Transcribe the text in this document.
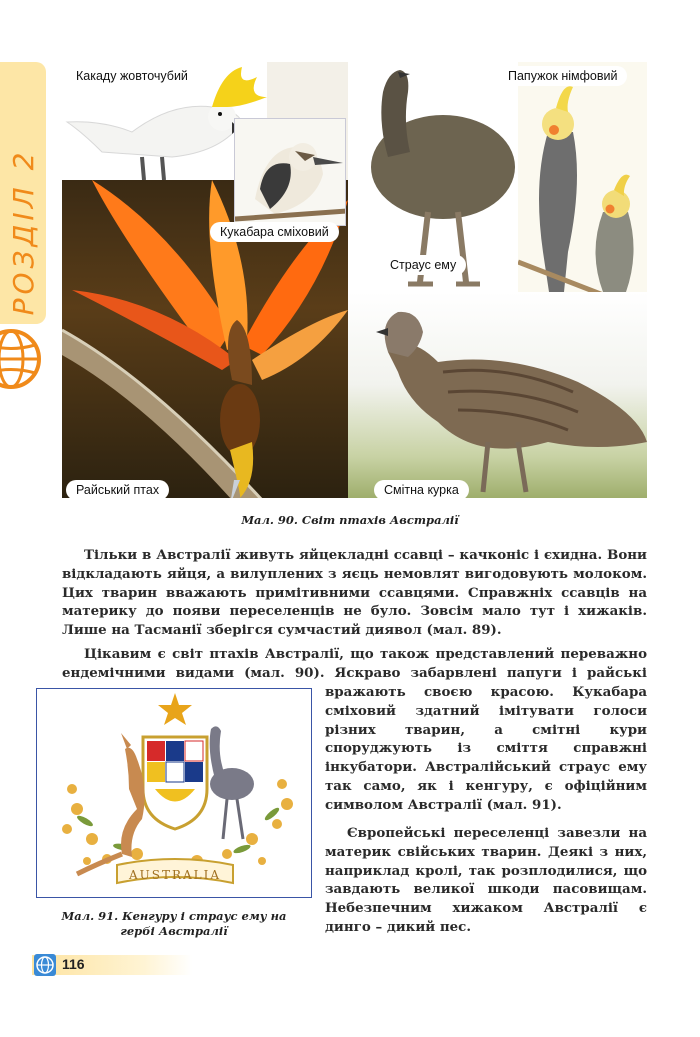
РОЗДІЛ 2
Какаду жовточубий
Кукабара сміховий
Страус ему
Папужок німфовий
Райський птах	Смітна курка
Мал. 90. Світ птахів Австралії

Тільки в Австралії живуть яйцекладні ссавці – качконіс і єхидна. Вони відкладають яйця, а вилуплених з яєць немовлят вигодовують молоком. Цих тварин вважають примітивними ссавцями. Справжніх ссавців на материку до появи переселенців не було. Зовсім мало тут і хижаків. Лише на Тасманії зберігся сумчастий диявол (мал. 89).

Цікавим є світ птахів Австралії, що також представлений переважно ендемічними видами (мал. 90). Яскраво забарвлені папуги і райські

вражають своєю красою. Кукабара сміховий здатний імітувати голоси різних тварин, а смітні кури споруджують із сміття справжні інкубатори. Австралійський страус ему так само, як і кенгуру, є офіційним символом Австралії (мал. 91).

Європейські переселенці завезли на материк свійських тварин. Деякі з них, наприклад кролі, так розплодилися, що завдають великої шкоди пасовищам. Небезпечним хижаком Австралії є динго – дикий пес.

AUSTRALIA
Мал. 91. Кенгуру і страус ему на
гербі Австралії
116
